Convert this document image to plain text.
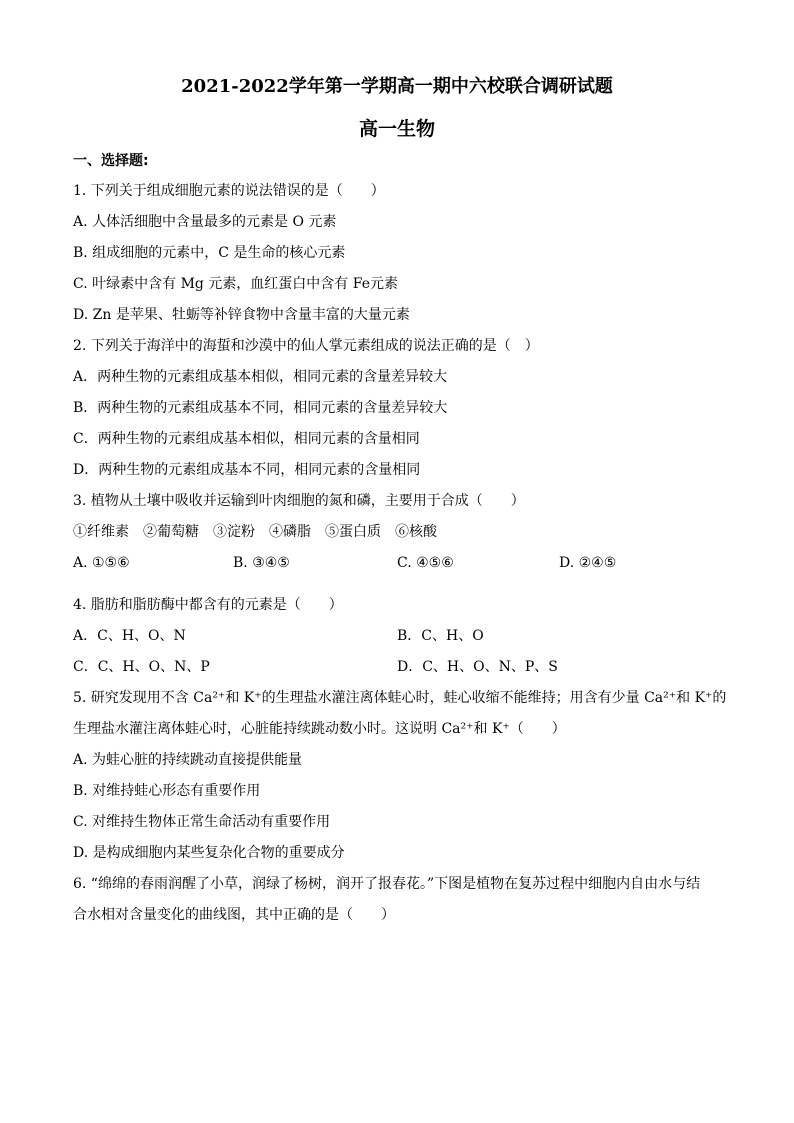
2021-2022学年第一学期高一期中六校联合调研试题
高一生物
一、选择题:
1. 下列关于组成细胞元素的说法错误的是（　　）
A. 人体活细胞中含量最多的元素是 O 元素
B. 组成细胞的元素中，C 是生命的核心元素
C. 叶绿素中含有 Mg 元素，血红蛋白中含有 Fe元素
D. Zn 是苹果、牡蛎等补锌食物中含量丰富的大量元素
2. 下列关于海洋中的海蜇和沙漠中的仙人掌元素组成的说法正确的是（　）
A．两种生物的元素组成基本相似，相同元素的含量差异较大
B．两种生物的元素组成基本不同，相同元素的含量差异较大
C．两种生物的元素组成基本相似，相同元素的含量相同
D．两种生物的元素组成基本不同，相同元素的含量相同
3. 植物从土壤中吸收并运输到叶肉细胞的氮和磷，主要用于合成（　　）
①纤维素　②葡萄糖　③淀粉　④磷脂　⑤蛋白质　⑥核酸
A. ①⑤⑥	B. ③④⑤	C. ④⑤⑥	D. ②④⑤
4. 脂肪和脂肪酶中都含有的元素是（　　）
A．C、H、O、N	B．C、H、O
C．C、H、O、N、P	D．C、H、O、N、P、S
5. 研究发现用不含 Ca²⁺和 K⁺的生理盐水灌注离体蛙心时，蛙心收缩不能维持；用含有少量 Ca²⁺和 K⁺的
生理盐水灌注离体蛙心时，心脏能持续跳动数小时。这说明 Ca²⁺和 K⁺（　　）
A. 为蛙心脏的持续跳动直接提供能量
B. 对维持蛙心形态有重要作用
C. 对维持生物体正常生命活动有重要作用
D. 是构成细胞内某些复杂化合物的重要成分
6. “绵绵的春雨润醒了小草，润绿了杨树，润开了报春花。”下图是植物在复苏过程中细胞内自由水与结
合水相对含量变化的曲线图，其中正确的是（　　）
